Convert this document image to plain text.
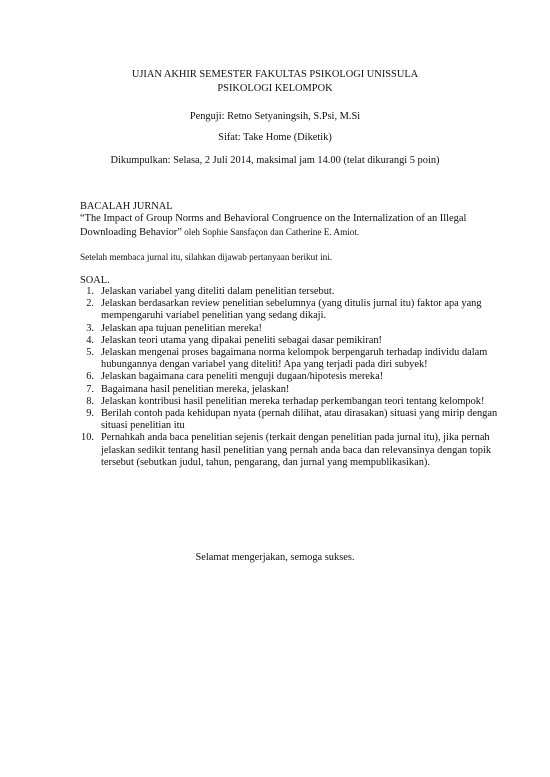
UJIAN AKHIR SEMESTER FAKULTAS PSIKOLOGI UNISSULA
PSIKOLOGI KELOMPOK
Penguji: Retno Setyaningsih, S.Psi, M.Si
Sifat: Take Home (Diketik)
Dikumpulkan: Selasa, 2 Juli 2014, maksimal jam 14.00 (telat dikurangi 5 poin)
BACALAH JURNAL
“The Impact of Group Norms and Behavioral Congruence on the Internalization of an Illegal Downloading Behavior” oleh Sophie Sansfaçon dan Catherine E. Amiot.
Setelah membaca jurnal itu, silahkan dijawab pertanyaan berikut ini.
SOAL.
1. Jelaskan variabel yang diteliti dalam penelitian tersebut.
2. Jelaskan berdasarkan review penelitian sebelumnya (yang ditulis jurnal itu) faktor apa yang mempengaruhi variabel penelitian yang sedang dikaji.
3. Jelaskan apa tujuan penelitian mereka!
4. Jelaskan teori utama yang dipakai peneliti sebagai dasar pemikiran!
5. Jelaskan mengenai proses bagaimana norma kelompok berpengaruh terhadap individu dalam hubungannya dengan variabel yang diteliti! Apa yang terjadi pada diri subyek!
6. Jelaskan bagaimana cara peneliti menguji dugaan/hipotesis mereka!
7. Bagaimana hasil penelitian mereka, jelaskan!
8. Jelaskan kontribusi hasil penelitian mereka terhadap perkembangan teori tentang kelompok!
9. Berilah contoh pada kehidupan nyata (pernah dilihat, atau dirasakan) situasi yang mirip dengan situasi penelitian itu
10. Pernahkah anda baca penelitian sejenis (terkait dengan penelitian pada jurnal itu), jika pernah jelaskan sedikit tentang hasil penelitian yang pernah anda baca dan relevansinya dengan topik tersebut (sebutkan judul, tahun, pengarang, dan jurnal yang mempublikasikan).
Selamat mengerjakan, semoga sukses.
